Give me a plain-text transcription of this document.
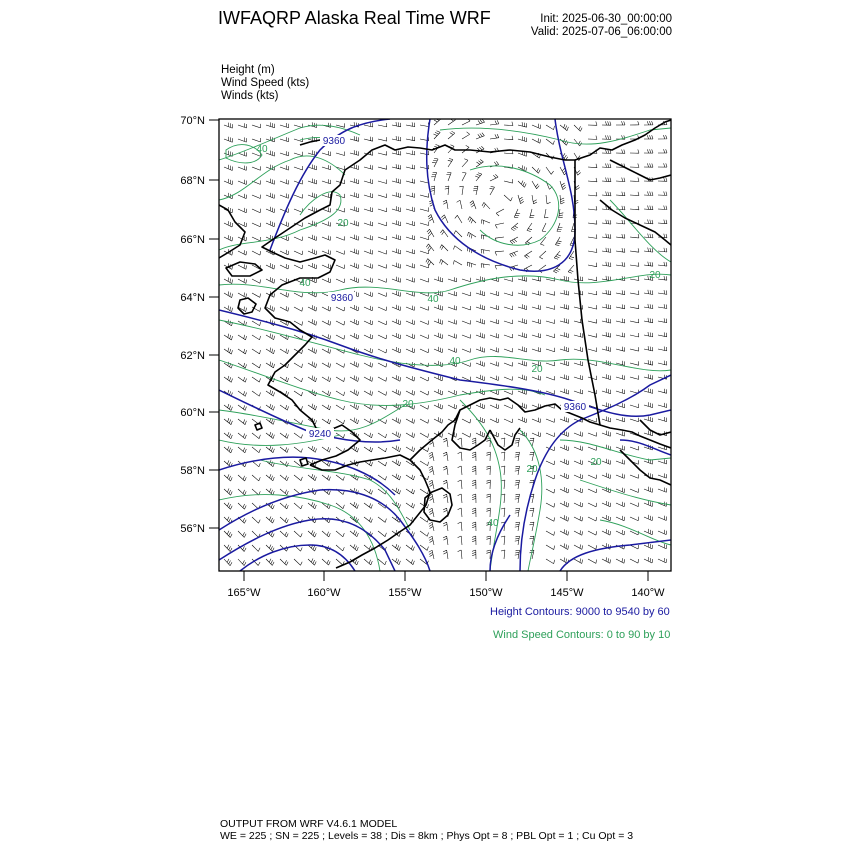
IWFAQRP Alaska Real Time WRF	Init: 2025-06-30_00:00:00
Valid: 2025-07-06_06:00:00
Height (m)
Wind Speed (kts)
Winds (kts)
70°N
68°N
66°N
64°N
62°N
60°N
58°N
56°N
165°W	160°W	155°W	150°W	145°W	140°W
9360
9360
9360
9240
40
20
40
40
40
20
20
20
20
40
20
Height Contours: 9000 to 9540 by 60
Wind Speed Contours: 0 to 90 by 10
OUTPUT FROM WRF V4.6.1 MODEL
WE = 225 ; SN = 225 ; Levels = 38 ; Dis = 8km ; Phys Opt = 8 ; PBL Opt = 1 ; Cu Opt = 3
